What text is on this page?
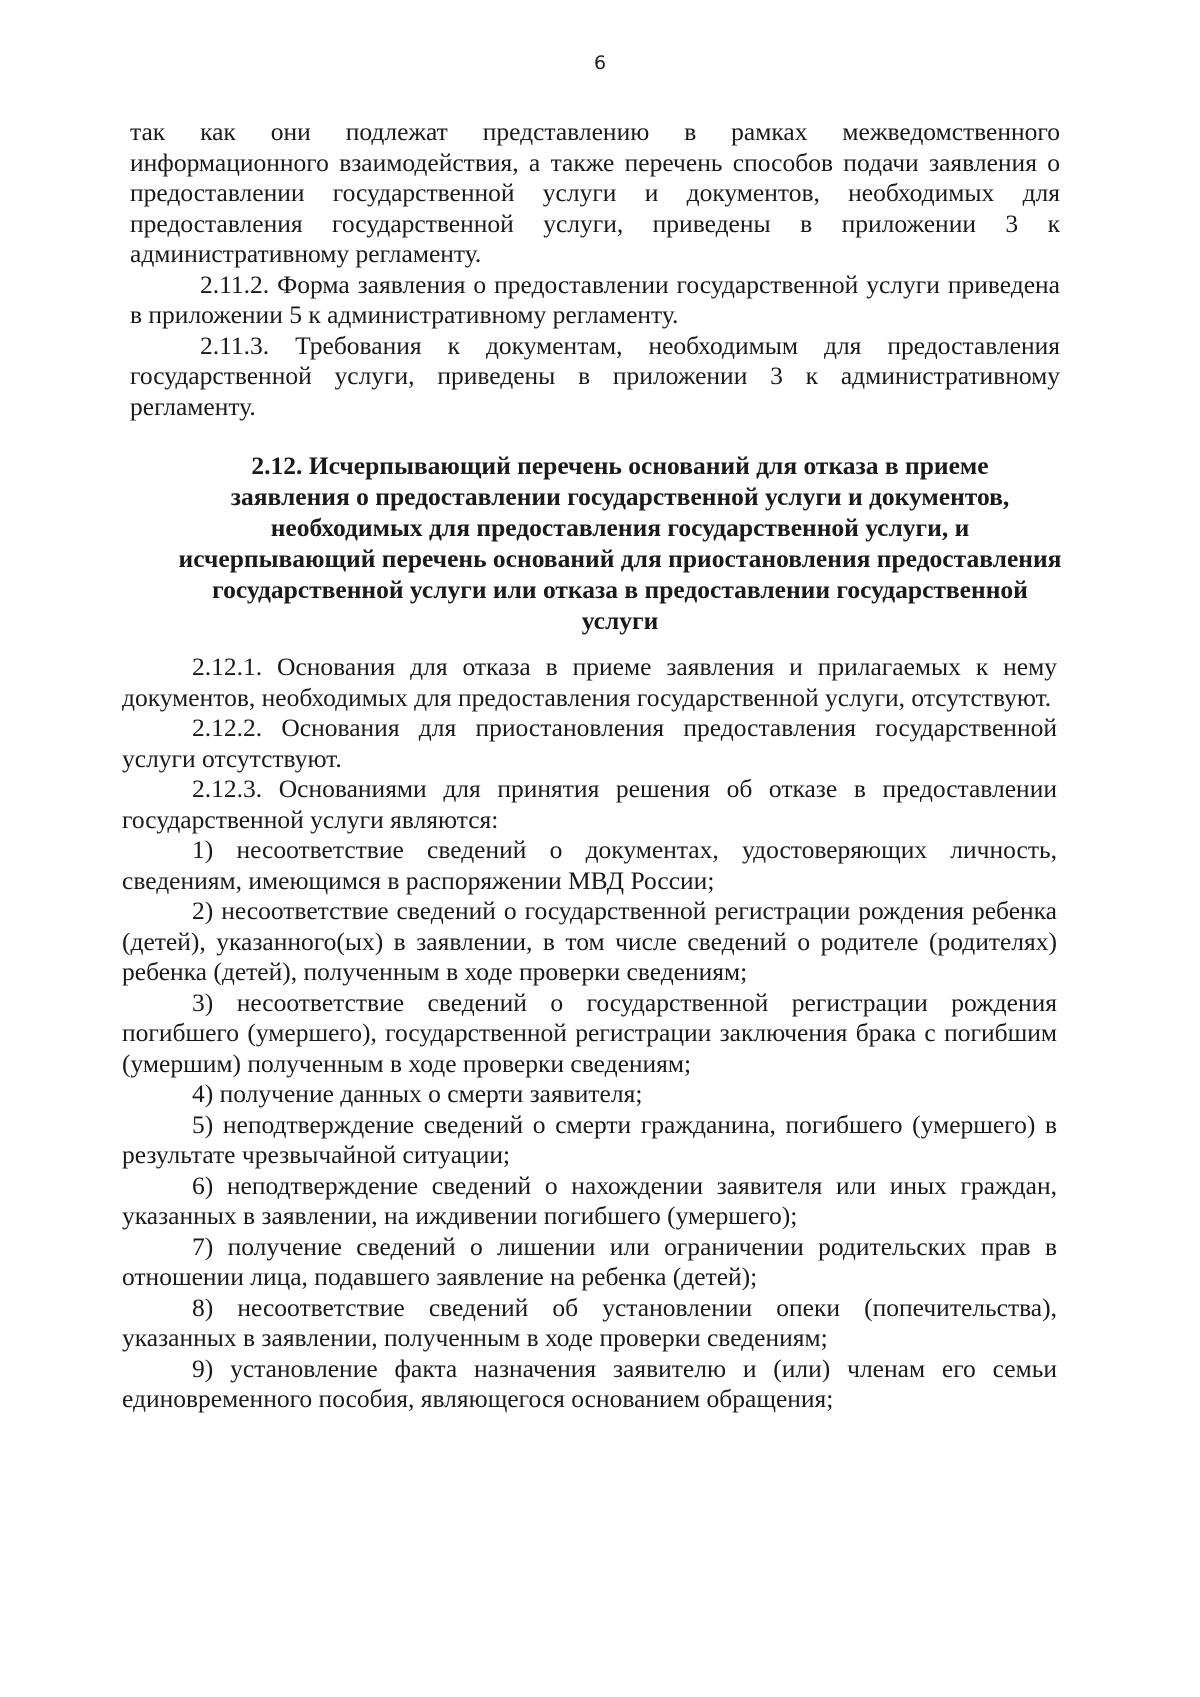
6

так как они подлежат представлению в рамках межведомственного информационного взаимодействия, а также перечень способов подачи заявления о предоставлении государственной услуги и документов, необходимых для предоставления государственной услуги, приведены в приложении 3 к административному регламенту.

2.11.2. Форма заявления о предоставлении государственной услуги приведена в приложении 5 к административному регламенту.

2.11.3. Требования к документам, необходимым для предоставления государственной услуги, приведены в приложении 3 к административному регламенту.

2.12. Исчерпывающий перечень оснований для отказа в приеме

заявления о предоставлении государственной услуги и документов,

необходимых для предоставления государственной услуги, и

исчерпывающий перечень оснований для приостановления предоставления

государственной услуги или отказа в предоставлении государственной

услуги

2.12.1. Основания для отказа в приеме заявления и прилагаемых к нему документов, необходимых для предоставления государственной услуги, отсутствуют.

2.12.2. Основания для приостановления предоставления государственной услуги отсутствуют.

2.12.3. Основаниями для принятия решения об отказе в предоставлении государственной услуги являются:

1) несоответствие сведений о документах, удостоверяющих личность, сведениям, имеющимся в распоряжении МВД России;

2) несоответствие сведений о государственной регистрации рождения ребенка (детей), указанного(ых) в заявлении, в том числе сведений о родителе (родителях) ребенка (детей), полученным в ходе проверки сведениям;

3) несоответствие сведений о государственной регистрации рождения погибшего (умершего), государственной регистрации заключения брака с погибшим (умершим) полученным в ходе проверки сведениям;

4) получение данных о смерти заявителя;

5) неподтверждение сведений о смерти гражданина, погибшего (умершего) в результате чрезвычайной ситуации;

6) неподтверждение сведений о нахождении заявителя или иных граждан, указанных в заявлении, на иждивении погибшего (умершего);

7) получение сведений о лишении или ограничении родительских прав в отношении лица, подавшего заявление на ребенка (детей);

8) несоответствие сведений об установлении опеки (попечительства), указанных в заявлении, полученным в ходе проверки сведениям;

9) установление факта назначения заявителю и (или) членам его семьи единовременного пособия, являющегося основанием обращения;
